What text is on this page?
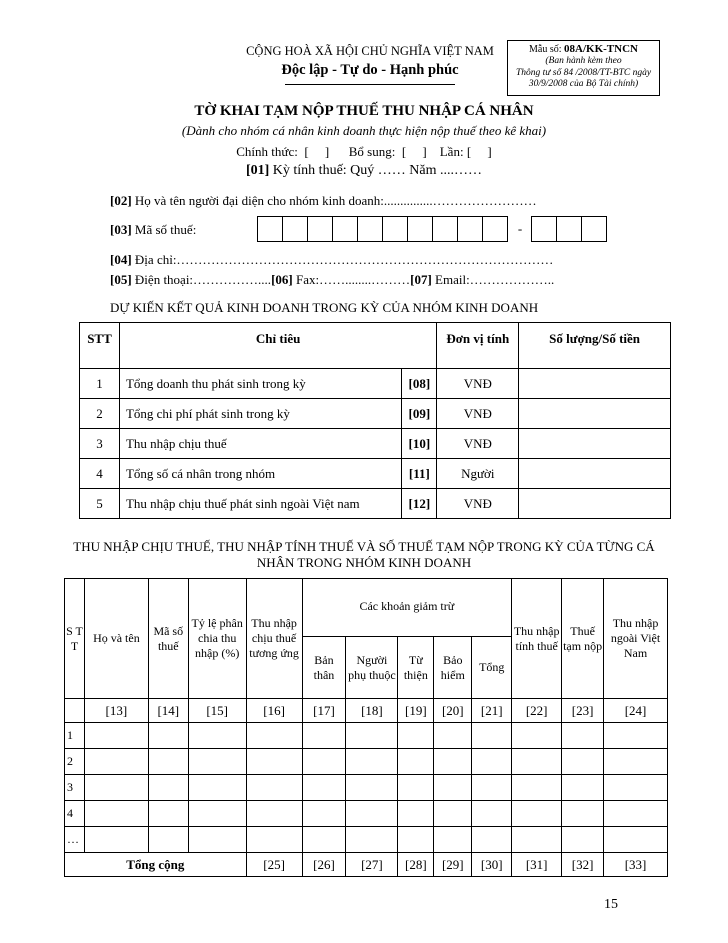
Mẫu số: 08A/KK-TNCN
(Ban hành kèm theo
Thông tư số 84 /2008/TT-BTC ngày
30/9/2008 của Bộ Tài chính)
CỘNG HOÀ XÃ HỘI CHỦ NGHĨA VIỆT NAM
Độc lập - Tự do - Hạnh phúc
TỜ KHAI TẠM NỘP THUẾ THU NHẬP CÁ NHÂN
(Dành cho nhóm cá nhân kinh doanh thực hiện nộp thuế theo kê khai)
Chính thức:  [     ]      Bổ sung:  [     ]    Lần: [     ]
[01] Kỳ tính thuế: Quý …… Năm ....……
[02] Họ và tên người đại diện cho nhóm kinh doanh:...............……………………
[03] Mã số thuế:	-
[04] Địa chỉ:……………………………………………………………………………
[05] Điện thoại:……………....[06] Fax:……........………[07] Email:………………..
DỰ KIẾN KẾT QUẢ KINH DOANH TRONG KỲ CỦA NHÓM KINH DOANH
STT	Chỉ tiêu		Đơn vị tính	Số lượng/Số tiền
1	Tổng doanh thu phát sinh trong kỳ	[08]	VNĐ	
2	Tổng chi phí phát sinh trong kỳ	[09]	VNĐ	
3	Thu nhập chịu thuế	[10]	VNĐ	
4	Tổng số cá nhân trong nhóm	[11]	Người	
5	Thu nhập chịu thuế phát sinh ngoài Việt nam	[12]	VNĐ	
THU NHẬP CHỊU THUẾ, THU NHẬP TÍNH THUẾ VÀ SỐ THUẾ TẠM NỘP TRONG KỲ CỦA TỪNG CÁ NHÂN TRONG NHÓM KINH DOANH
S T T	Họ và tên	Mã số thuế	Tỷ lệ phân chia thu nhập (%)	Thu nhập chịu thuế tương ứng	Các khoản giảm trừ					Thu nhập tính thuế	Thuế tạm nộp	Thu nhập ngoài Việt Nam
					Bản thân	Người phụ thuộc	Từ thiện	Bảo hiểm	Tổng			
	[13]	[14]	[15]	[16]	[17]	[18]	[19]	[20]	[21]	[22]	[23]	[24]
1												
2												
3												
4												
…												
Tổng cộng				[25]	[26]	[27]	[28]	[29]	[30]	[31]	[32]	[33]
15
